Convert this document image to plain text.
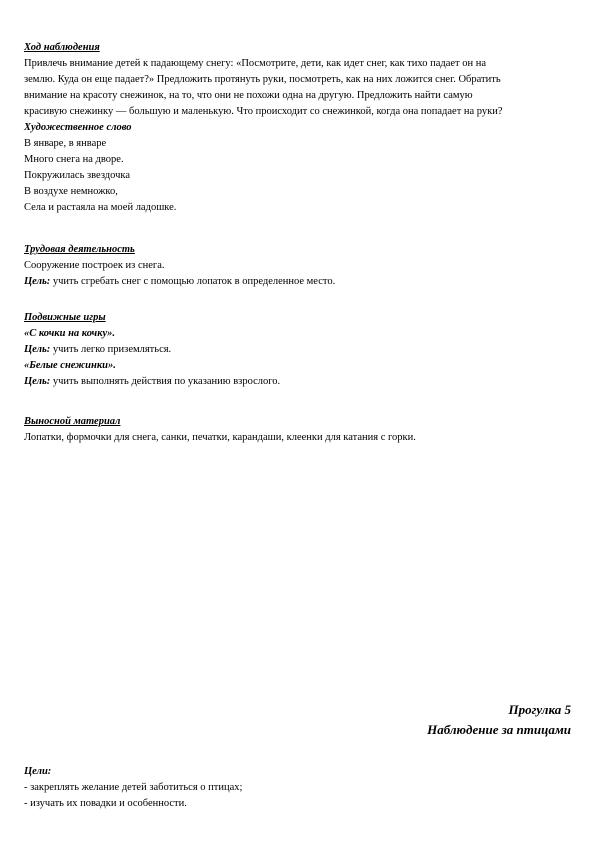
Ход наблюдения
Привлечь внимание детей к падающему снегу: «Посмотрите, дети, как идет снег, как тихо падает он на
землю. Куда он еще падает?» Предложить протянуть руки, посмотреть, как на них ложится снег. Обратить
внимание на красоту снежинок, на то, что они не похожи одна на другую. Предложить найти самую
красивую снежинку — большую и маленькую. Что происходит со снежинкой, когда она попадает на руки?
Художественное слово
В январе, в январе
Много снега на дворе.
Покружилась звездочка
В воздухе немножко,
Села и растаяла на моей ладошке.
Трудовая деятельность
Сооружение построек из снега.
Цель: учить сгребать снег с помощью лопаток в определенное место.
Подвижные игры
«С кочки на кочку».
Цель: учить легко приземляться.
«Белые снежинки».
Цель: учить выполнять действия по указанию взрослого.
Выносной материал
Лопатки, формочки для снега, санки, печатки, карандаши, клеенки для катания с горки.
Прогулка 5
Наблюдение за птицами
Цели:
- закреплять желание детей заботиться о птицах;
- изучать их повадки и особенности.
